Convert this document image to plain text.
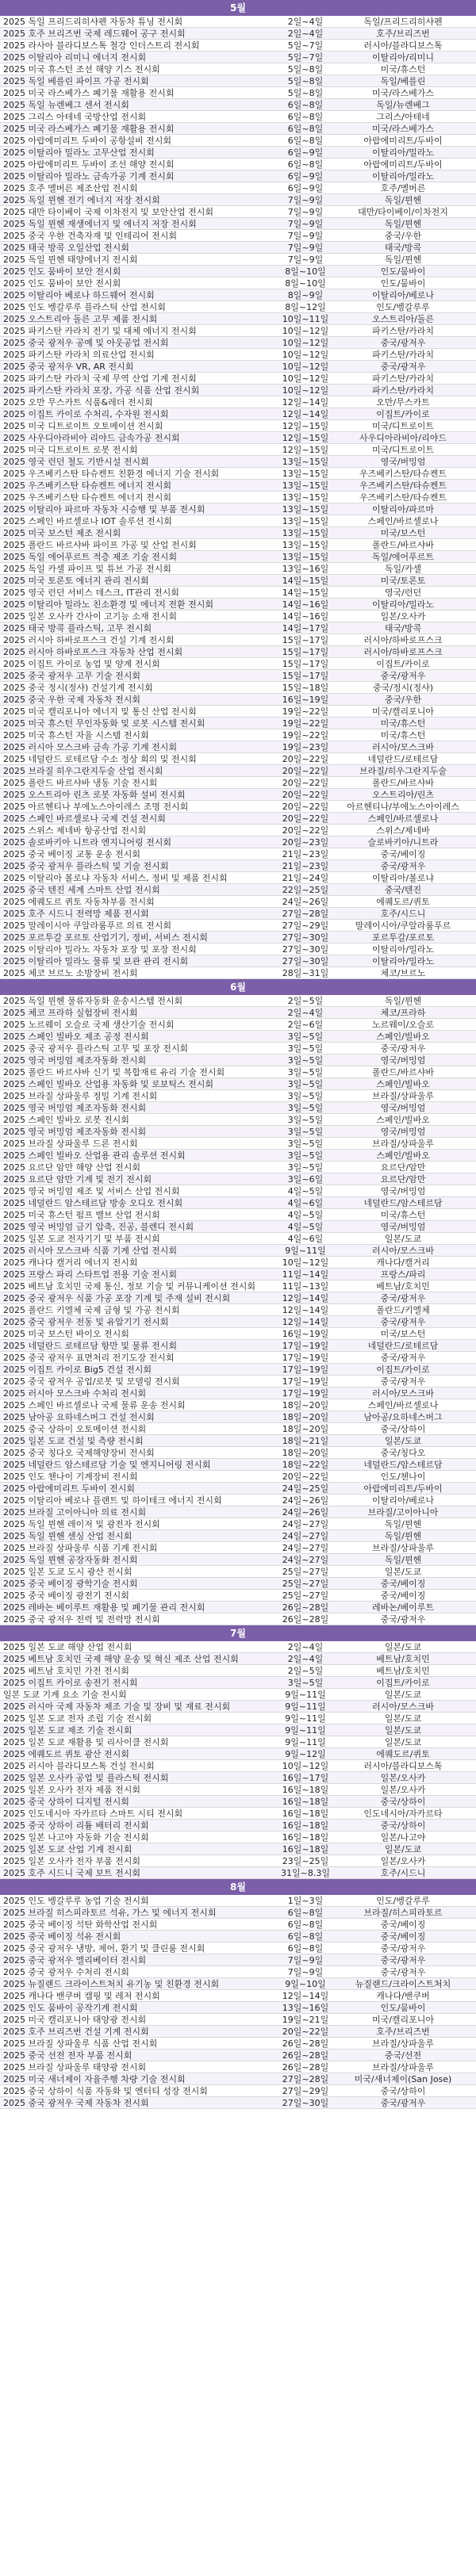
5월
2025 독일 프리드리히샤펜 자동차 튜닝 전시회	2일~4일	독일/프리드리히샤펜
2025 호주 브리즈번 국제 레드웨어 공구 전시회	2일~4일	호주/브리즈번
2025 라사아 블라디보스톡 철강 인더스트리 전시회	5일~7일	러시아/블라디보스톡
2025 이탈리아 리미니 에너지 전시회	5일~7일	이탈리아/리미니
2025 미국 휴스턴 조선 해양 기스 전시회	5일~8일	미국/휴스턴
2025 독일 베를린 파이프 가공 전시회	5일~8일	독일/베를린
2025 미국 라스베가스 폐기물 재활용 전시회	5일~8일	미국/라스베가스
2025 독일 뉴렌베그 센서 전시회	6일~8일	독일/뉴렌베그
2025 그리스 아테네 국방산업 전시회	6일~8일	그리스/아테네
2025 미국 라스베가스 폐기물 재활용 전시회	6일~8일	미국/라스베가스
2025 아랍에미리트 두바이 공항설비 전시회	6일~8일	아랍에미리트/두바이
2025 이탈리아 밀라노 고무산업 전시회	6일~9일	이탈리아/밀라노
2025 아랍에미리트 두바이 조선 해양 전시회	6일~8일	아랍에미리트/두바이
2025 이탈리아 밀라노 금속가공 기계 전시회	6일~9일	이탈리아/밀라노
2025 호주 멜버른 제조산업 전시회	6일~9일	호주/멜버른
2025 독일 뮌헨 전기 에너지 저장 전시회	7일~9일	독일/뮌헨
2025 대만 타이베이 국제 이차전지 및 보안산업 전시회	7일~9일	대만/타이베이/이차전지
2025 독일 뮌헨 재생에너지 및 에너지 저장 전시회	7일~9일	독일/뮌헨
2025 중국 우한 건축자재 및 인테리어 전시회	7일~9일	중국/우한
2025 태국 방콕 오일산업 전시회	7일~9일	태국/방콕
2025 독일 뮌헨 태양에너지 전시회	7일~9일	독일/뮌헨
2025 인도 뭄바이 보안 전시회	8일~10일	인도/뭄바이
2025 인도 뭄바이 보안 전시회	8일~10일	인도/뭄바이
2025 이탈리아 베로나 하드웨어 전시회	8일~9일	이탈리아/베로나
2025 인도 벵갈루루 플라스틱 산업 전시회	8일~12일	인도/벵갈루루
2025 오스트리아 돌른 고무 제품 전시회	10일~11일	오스트리아/돌른
2025 파키스탄 카라치 전기 및 대체 에너지 전시회	10일~12일	파키스탄/카라치
2025 중국 광저우 공예 및 아웃공업 전시회	10일~12일	중국/광저우
2025 파키스탄 카라치 의료산업 전시회	10일~12일	파키스탄/카라치
2025 중국 광저우 VR, AR 전시회	10일~12일	중국/광저우
2025 파키스탄 카라치 국제 무역 산업 기계 전시회	10일~12일	파키스탄/카라치
2025 파키스탄 카라치 포장, 가공 식품 산업 전시회	10일~12일	파키스탄/카라치
2025 오만 무스카트 식품&레더 전시회	12일~14일	오만/무스카트
2025 이집트 카이로 수처리, 수자원 전시회	12일~14일	이집트/카이로
2025 미국 디트로이트 오토메이션 전시회	12일~15일	미국/디트로이트
2025 사우디아라비아 리야드 금속가공 전시회	12일~15일	사우디아라비아/리야드
2025 미국 디트로이트 로봇 전시회	12일~15일	미국/디트로이트
2025 영국 런던 철도 기반시설 전시회	13일~15일	영국/버밍엄
2025 우즈베키스탄 타슈켄트 친환경 에너지 기술 전시회	13일~15일	우즈베키스탄/타슈켄트
2025 우즈베키스탄 타슈켄트 에너지 전시회	13일~15일	우즈베키스탄/타슈켄트
2025 우즈베키스탄 타슈켄트 에너지 전시회	13일~15일	우즈베키스탄/타슈켄트
2025 이탈리아 파르마 자동차 시승행 및 부품 전시회	13일~15일	이탈리아/파르마
2025 스페인 바르셀로나 IOT 솔루션 전시회	13일~15일	스페인/바르셀로나
2025 미국 보스턴 제조 전시회	13일~15일	미국/보스턴
2025 폴란드 바르샤바 파이프 가공 및 산업 전시회	13일~15일	폴란드/바르샤바
2025 독일 에어푸르트 적층 제조 기술 전시회	13일~15일	독일/에어푸르트
2025 독일 카셀 파이프 및 튜브 가공 전시회	13일~16일	독일/카셀
2025 미국 토론토 에너지 관리 전시회	14일~15일	미국/토론토
2025 영국 런던 서비스 데스크, IT관리 전시회	14일~15일	영국/런던
2025 이탈리아 밀라노 친소환경 및 에너지 전환 전시회	14일~16일	이탈리아/밀라노
2025 일본 오사카 간사이 고기능 소재 전시회	14일~16일	일본/오사카
2025 태국 방콕 플라스틱, 고무 전시회	14일~17일	태국/방콕
2025 러시아 하바로프스크 건설 기계 전시회	15일~17일	러시아/하바로프스크
2025 러시아 하바로프스크 자동차 산업 전시회	15일~17일	러시아/하바로프스크
2025 이집트 카이로 농업 및 양계 전시회	15일~17일	이집트/카이로
2025 중국 광저우 고무 기술 전시회	15일~17일	중국/광저우
2025 중국 정시(정샤) 건설기계 전시회	15일~18일	중국/정시(정샤)
2025 중국 우한 국제 자동차 전시회	16일~19일	중국/우한
2025 미국 캘리포니아 에너지 및 통신 산업 전시회	19일~22일	미국/캘리포니아
2025 미국 휴스턴 무인자동화 및 로봇 시스템 전시회	19일~22일	미국/휴스턴
2025 미국 휴스턴 자율 시스템 전시회	19일~22일	미국/휴스턴
2025 러시아 모스크바 금속 가공 기계 전시회	19일~23일	러시아/모스크바
2025 네덜란드 로테르담 수소 정상 회의 및 전시회	20일~22일	네덜란드/로테르담
2025 브라질 히우그란지두술 산업 전시회	20일~22일	브라질/히우그란지두술
2025 폴란드 바르샤바 냉동 기술 전시회	20일~22일	폴란드/바르샤바
2025 오스트리아 린츠 로봇 자동화 설비 전시회	20일~22일	오스트리아/린츠
2025 아르헨티나 부에노스아이레스 조명 전시회	20일~22일	아르헨티나/부에노스아이레스
2025 스페인 바르셀로나 국제 건설 전시회	20일~22일	스페인/바르셀로나
2025 스위스 제네바 항공산업 전시회	20일~22일	스위스/제네바
2025 솔로바키아 니트라 엔지니어링 전시회	20일~23일	슬로바키아/니트라
2025 중국 베이징 교통 운송 전시회	21일~23일	중국/베이징
2025 중국 광저우 플라스틱 및 기술 전시회	21일~23일	중국/광저우
2025 이탈리아 볼로냐 자동차 서비스, 정비 및 제품 전시회	21일~24일	이탈리아/볼로냐
2025 중국 텐진 세계 스마트 산업 전시회	22일~25일	중국/텐진
2025 에퀘도르 퀴토 자동차부품 전시회	24일~26일	에퀘도르/퀴토
2025 호주 시드니 전력망 제품 전시회	27일~28일	호주/시드니
2025 말레이시아 쿠알라룸푸르 의료 전시회	27일~29일	말레이시아/쿠알라룸푸르
2025 포르투갈 포르토 산업기기, 정비, 서비스 전시회	27일~30일	포르투갈/포르토
2025 이탈리아 밀라노 자동차 포장 및 포장 전시회	27일~30일	이탈리아/밀라노
2025 이탈리아 밀라노 물류 및 보관 관리 전시회	27일~30일	이탈리아/밀라노
2025 체코 브르노 소방장비 전시회	28일~31일	체코/브르노
6월
2025 독일 뮌헨 물류자동화 운송시스템 전시회	2일~5일	독일/뮌헨
2025 체코 프라하 실험장비 전시회	2일~4일	체코/프라하
2025 노르웨이 오슬로 국제 생산기술 전시회	2일~6일	노르웨이/오슬로
2025 스페인 빌바오 제조 공정 전시회	3일~5일	스페인/빌바오
2025 중국 광저우 플라스틱 고무 및 포장 전시회	3일~5일	중국/광저우
2025 영국 버밍엄 제조자동화 전시회	3일~5일	영국/버밍엄
2025 폴란드 바르샤바 신기 및 복합재료 유리 기술 전시회	3일~5일	폴란드/바르샤바
2025 스페인 빌바오 산업용 자동화 및 로보틱스 전시회	3일~5일	스페인/빌바오
2025 브라질 상파울루 정밀 기계 전시회	3일~5일	브라질/상파울루
2025 영국 버밍엄 제조자동화 전시회	3일~5일	영국/버밍엄
2025 스페인 빌바오 로봇 전시회	3일~5일	스페인/빌바오
2025 영국 버밍엄 제조자동화 전시회	3일~5일	영국/버밍엄
2025 브라질 상파울루 드론 전시회	3일~5일	브라질/상파울루
2025 스페인 빌바오 산업용 관리 솔루션 전시회	3일~5일	스페인/빌바오
2025 요르단 암만 해양 산업 전시회	3일~5일	요르단/암만
2025 요르단 암만 기계 및 전기 전시회	3일~6일	요르단/암만
2025 영국 버밍엄 제조 및 서비스 산업 전시회	4일~5일	영국/버밍엄
2025 네덜란드 암스테르담 방송 오디오 전시회	4일~6일	네덜란드/암스테르담
2025 미국 휴스턴 펌프 밸브 산업 전시회	4일~5일	미국/휴스턴
2025 영국 버밍엄 금기 압축, 진공, 블렌디 전시회	4일~5일	영국/버밍엄
2025 일본 도쿄 전자기기 및 부품 전시회	4일~6일	일본/도쿄
2025 러시아 모스크바 식품 기계 산업 전시회	9일~11일	러시아/모스크바
2025 캐나다 캘거리 에너지 전시회	10일~12일	캐나다/캘거리
2025 프랑스 파리 스타트업 전용 기술 전시회	11일~14일	프랑스/파리
2025 베트남 호치민 국제 통신, 정보 기술 및 커뮤니케이션 전시회	11일~13일	베트남/호치민
2025 중국 광저우 식품 가공 포장 기계 및 주재 설비 전시회	12일~14일	중국/광저우
2025 폴란드 키엘체 국제 금형 및 가공 전시회	12일~14일	폴란드/키엘체
2025 중국 광저우 전동 및 유압기기 전시회	12일~14일	중국/광저우
2025 미국 보스턴 바이오 전시회	16일~19일	미국/보스턴
2025 네덜란드 로테르담 항만 및 물류 전시회	17일~19일	네덜란드/로테르담
2025 중국 광저우 표면처리 전기도장 전시회	17일~19일	중국/광저우
2025 이집트 카이로 Big5 건설 전시회	17일~19일	이집트/카이로
2025 중국 광저우 공업/로봇 및 모델링 전시회	17일~19일	중국/광저우
2025 러시아 모스크바 수처리 전시회	17일~19일	러시아/모스크바
2025 스페인 바르셀로나 국제 물류 운송 전시회	18일~20일	스페인/바르셀로나
2025 남아공 요하네스버그 건설 전시회	18일~20일	남아공/요하네스버그
2025 중국 상하이 오토메이션 전시회	18일~20일	중국/상하이
2025 일본 도쿄 건설 및 측량 전시회	18일~21일	일본/도쿄
2025 중국 칭다오 국제해양장비 전시회	18일~20일	중국/칭다오
2025 네덜란드 암스테르담 기술 및 엔지니어링 전시회	18일~22일	네덜란드/암스테르담
2025 인도 첸나이 기계장비 전시회	20일~22일	인도/첸나이
2025 아랍에미리트 두바이 전시회	24일~25일	아랍에미리트/두바이
2025 이탈리아 베로나 플랜트 및 하이테크 에너지 전시회	24일~26일	이탈리아/베로나
2025 브라질 고이아니아 의료 전시회	24일~26일	브라질/고이아니아
2025 독일 뮌헨 레이저 및 광전자 전시회	24일~27일	독일/뮌헨
2025 독일 뮌헨 센싱 산업 전시회	24일~27일	독일/뮌헨
2025 브라질 상파울루 식품 기계 전시회	24일~27일	브라질/상파울루
2025 독일 뮌헨 공장자동화 전시회	24일~27일	독일/뮌헨
2025 일본 도쿄 도시 광산 전시회	25일~27일	일본/도쿄
2025 중국 베이징 광학기술 전시회	25일~27일	중국/베이징
2025 중국 베이징 광전기 전시회	25일~27일	중국/베이징
2025 레바논 베이루트 재활용 및 폐기물 관리 전시회	26일~28일	레바논/베이루트
2025 중국 광저우 전력 및 전력망 전시회	26일~28일	중국/광저우
7월
2025 일본 도쿄 해양 산업 전시회	2일~4일	일본/도쿄
2025 베트남 호치민 국제 해양 운송 및 혁신 제조 산업 전시회	2일~4일	베트남/호치민
2025 베트남 호치민 가전 전시회	2일~5일	베트남/호치민
2025 이집트 카이로 송전기 전시회	3일~5일	이집트/카이로
일본 도쿄 기계 요소 기술 전시회	9일~11일	일본/도쿄
2025 러시아 국제 자동차 제조 기술 및 장비 및 재료 전시회	9일~11일	러시아/모스크바
2025 일본 도쿄 전자 조립 기술 전시회	9일~11일	일본/도쿄
2025 일본 도쿄 제조 기술 전시회	9일~11일	일본/도쿄
2025 일본 도쿄 재활용 및 리사이클 전시회	9일~11일	일본/도쿄
2025 에퀘도르 퀴토 광산 전시회	9일~12일	에퀘도르/퀴토
2025 러시아 블라디보스톡 건설 전시회	10일~12일	러시아/블라디보스톡
2025 일본 오사카 공업 및 플라스틱 전시회	16일~17일	일본/오사카
2025 일본 오사카 전자 제품 전시회	16일~18일	일본/오사카
2025 중국 상하이 디지털 전시회	16일~18일	중국/상하이
2025 인도네시아 자카르타 스마트 시티 전시회	16일~18일	인도네시아/자카르타
2025 중국 상하이 리튬 배터리 전시회	16일~18일	중국/상하이
2025 일본 나고야 자동화 기술 전시회	16일~18일	일본/나고야
2025 일본 도쿄 산업 기계 전시회	16일~18일	일본/도쿄
2025 일본 오사카 전자 부품 전시회	23일~25일	일본/오사카
2025 호주 시드니 국제 보트 전시회	31일~8.3일	호주/시드니
8월
2025 인도 벵갈루루 농업 기술 전시회	1일~3일	인도/벵갈루루
2025 브라질 히스피라토르 석유, 가스 및 에너지 전시회	6일~8일	브라질/히스피라토르
2025 중국 베이징 석탄 화학산업 전시회	6일~8일	중국/베이징
2025 중국 베이징 석유 전시회	6일~8일	중국/베이징
2025 중국 광저우 냉방, 제어, 환기 및 클린룸 전시회	6일~8일	중국/광저우
2025 중국 광저우 엘리베이터 전시회	7일~9일	중국/광저우
2025 중국 광저우 수처리 전시회	7일~9일	중국/광저우
2025 뉴질랜드 크라이스트처치 유기농 및 친환경 전시회	9일~10일	뉴질랜드/크라이스트처치
2025 캐나다 밴쿠버 캠핑 및 레저 전시회	12일~14일	캐나다/밴쿠버
2025 인도 뭄바이 공작기계 전시회	13일~16일	인도/뭄바이
2025 미국 캘리포니아 태양광 전시회	19일~21일	미국/캘리포니아
2025 호주 브리즈번 건설 기계 전시회	20일~22일	호주/브리즈번
2025 브라질 상파울루 식품 산업 전시회	26일~28일	브라질/상파울루
2025 중국 선전 전자 부품 전시회	26일~28일	중국/선전
2025 브라질 상파울루 태양광 전시회	26일~28일	브라질/상파울루
2025 미국 새너제이 자율주행 차량 기술 전시회	27일~28일	미국/새너제이(San Jose)
2025 중국 상하이 식품 자동화 및 엔터티 성장 전시회	27일~29일	중국/상하이
2025 중국 광저우 국제 자동차 전시회	27일~30일	중국/광저우
